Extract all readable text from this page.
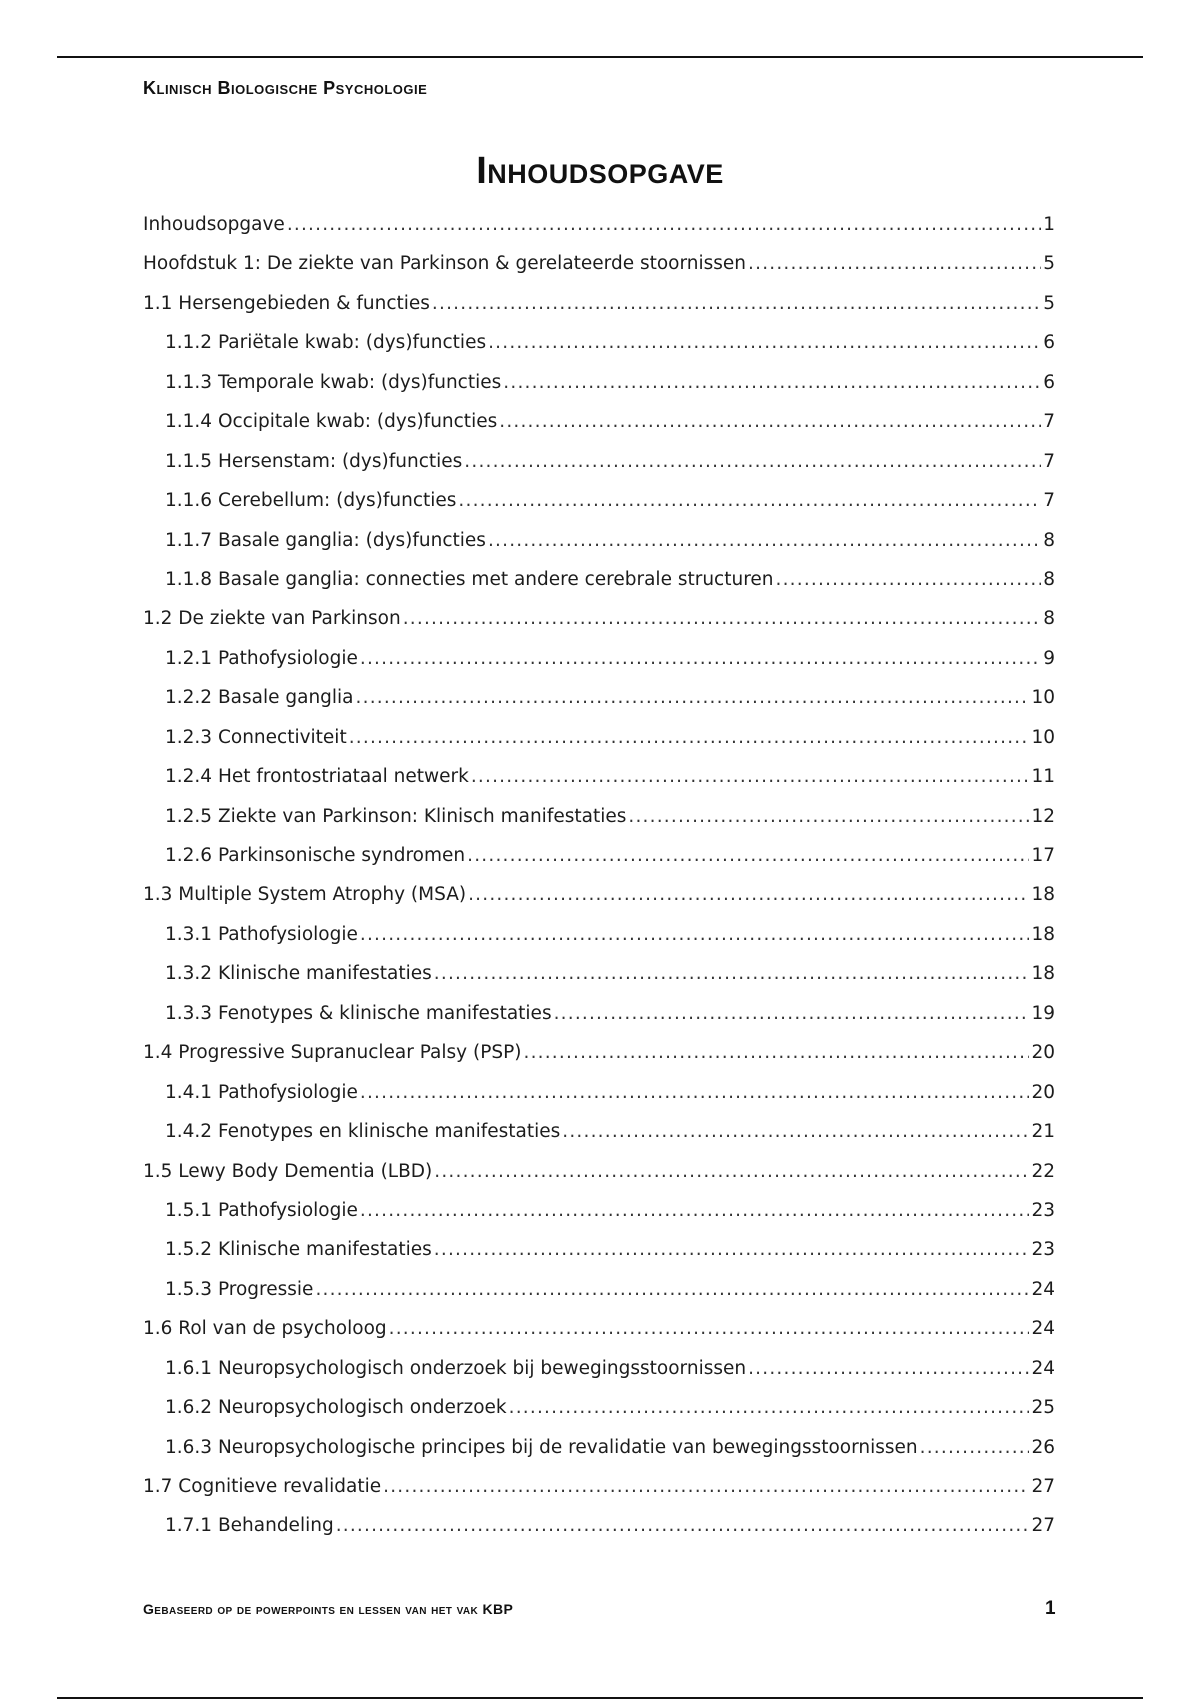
Klinisch Biologische Psychologie
Inhoudsopgave
Inhoudsopgave .....	1
Hoofdstuk 1: De ziekte van Parkinson & gerelateerde stoornissen .....	5
1.1 Hersengebieden & functies .....	5
1.1.2 Pariëtale kwab: (dys)functies .....	6
1.1.3 Temporale kwab: (dys)functies .....	6
1.1.4 Occipitale kwab: (dys)functies .....	7
1.1.5 Hersenstam: (dys)functies .....	7
1.1.6 Cerebellum: (dys)functies .....	7
1.1.7 Basale ganglia: (dys)functies .....	8
1.1.8 Basale ganglia: connecties met andere cerebrale structuren .....	8
1.2 De ziekte van Parkinson .....	8
1.2.1 Pathofysiologie .....	9
1.2.2 Basale ganglia .....	10
1.2.3 Connectiviteit .....	10
1.2.4 Het frontostriataal netwerk .....	11
1.2.5 Ziekte van Parkinson: Klinisch manifestaties .....	12
1.2.6 Parkinsonische syndromen .....	17
1.3 Multiple System Atrophy (MSA) .....	18
1.3.1 Pathofysiologie .....	18
1.3.2 Klinische manifestaties .....	18
1.3.3 Fenotypes & klinische manifestaties .....	19
1.4 Progressive Supranuclear Palsy (PSP) .....	20
1.4.1 Pathofysiologie .....	20
1.4.2 Fenotypes en klinische manifestaties .....	21
1.5 Lewy Body Dementia (LBD) .....	22
1.5.1 Pathofysiologie .....	23
1.5.2 Klinische manifestaties .....	23
1.5.3 Progressie .....	24
1.6 Rol van de psycholoog .....	24
1.6.1 Neuropsychologisch onderzoek bij bewegingsstoornissen .....	24
1.6.2 Neuropsychologisch onderzoek .....	25
1.6.3 Neuropsychologische principes bij de revalidatie van bewegingsstoornissen .....	26
1.7 Cognitieve revalidatie .....	27
1.7.1 Behandeling .....	27
Gebaseerd op de powerpoints en lessen van het vak KBP	1
